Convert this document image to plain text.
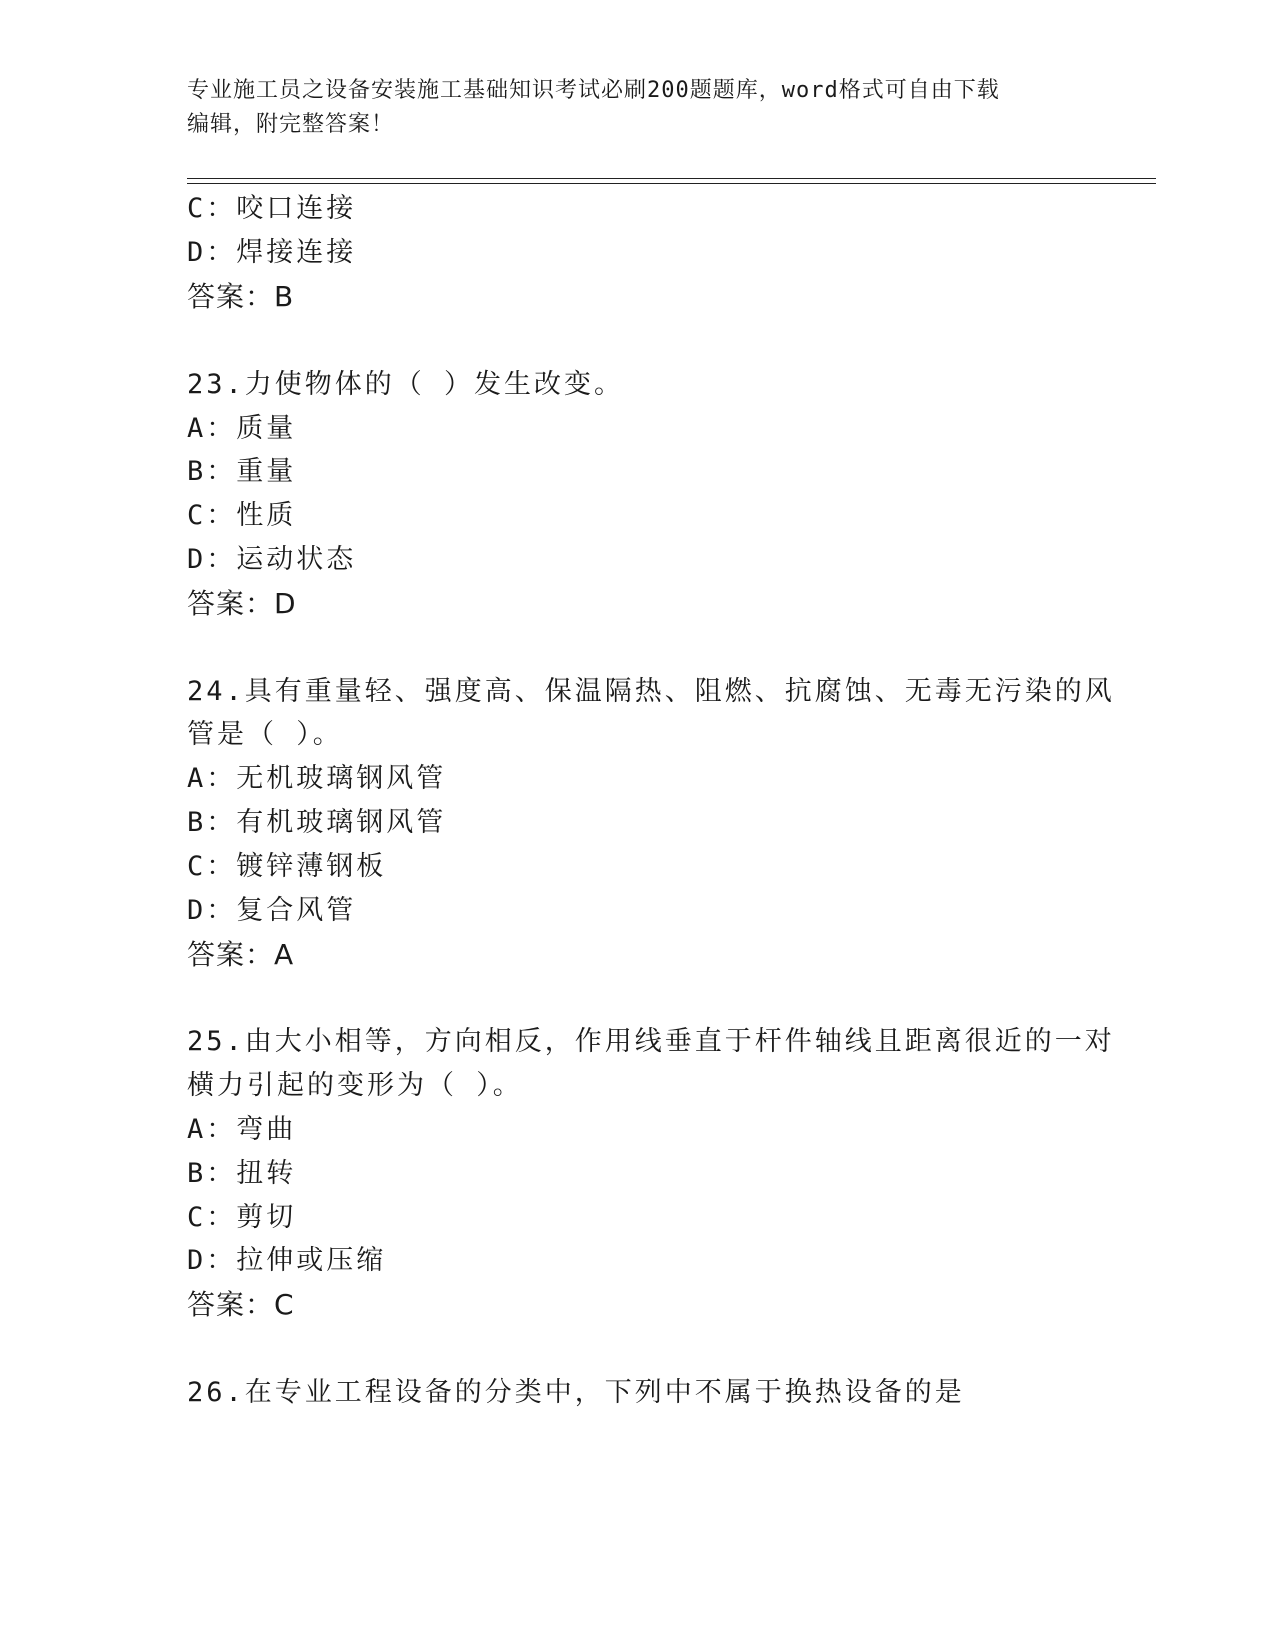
专业施工员之设备安装施工基础知识考试必刷200题题库，word格式可自由下载
编辑，附完整答案！
C：咬口连接
D：焊接连接
答案：B
23.力使物体的（ ）发生改变。
A：质量
B：重量
C：性质
D：运动状态
答案：D
24.具有重量轻、强度高、保温隔热、阻燃、抗腐蚀、无毒无污染的风
管是（ ）。
A：无机玻璃钢风管
B：有机玻璃钢风管
C：镀锌薄钢板
D：复合风管
答案：A
25.由大小相等，方向相反，作用线垂直于杆件轴线且距离很近的一对
横力引起的变形为（ ）。
A：弯曲
B：扭转
C：剪切
D：拉伸或压缩
答案：C
26.在专业工程设备的分类中，下列中不属于换热设备的是
